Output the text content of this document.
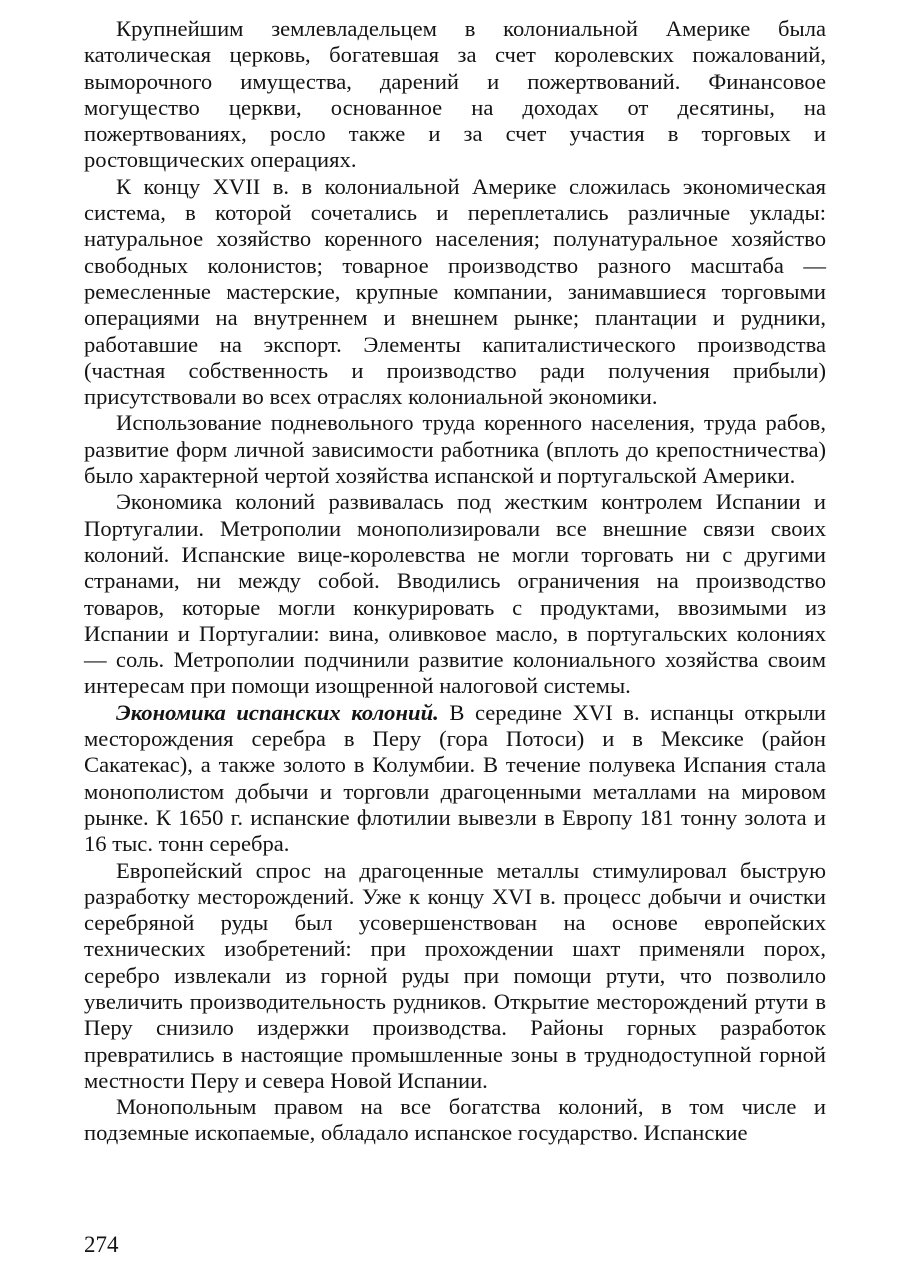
Крупнейшим землевладельцем в колониальной Америке была католическая церковь, богатевшая за счет королевских пожалований, выморочного имущества, дарений и пожертвований. Финансовое могущество церкви, основанное на доходах от десятины, на пожертвованиях, росло также и за счет участия в торговых и ростовщических операциях.

К концу XVII в. в колониальной Америке сложилась экономическая система, в которой сочетались и переплетались различные уклады: натуральное хозяйство коренного населения; полунатуральное хозяйство свободных колонистов; товарное производство разного масштаба — ремесленные мастерские, крупные компании, занимавшиеся торговыми операциями на внутреннем и внешнем рынке; плантации и рудники, работавшие на экспорт. Элементы капиталистического производства (частная собственность и производство ради получения прибыли) присутствовали во всех отраслях колониальной экономики.

Использование подневольного труда коренного населения, труда рабов, развитие форм личной зависимости работника (вплоть до крепостничества) было характерной чертой хозяйства испанской и португальской Америки.

Экономика колоний развивалась под жестким контролем Испании и Португалии. Метрополии монополизировали все внешние связи своих колоний. Испанские вице-королевства не могли торговать ни с другими странами, ни между собой. Вводились ограничения на производство товаров, которые могли конкурировать с продуктами, ввозимыми из Испании и Португалии: вина, оливковое масло, в португальских колониях — соль. Метрополии подчинили развитие колониального хозяйства своим интересам при помощи изощренной налоговой системы.

Экономика испанских колоний. В середине XVI в. испанцы открыли месторождения серебра в Перу (гора Потоси) и в Мексике (район Сакатекас), а также золото в Колумбии. В течение полувека Испания стала монополистом добычи и торговли драгоценными металлами на мировом рынке. К 1650 г. испанские флотилии вывезли в Европу 181 тонну золота и 16 тыс. тонн серебра.

Европейский спрос на драгоценные металлы стимулировал быструю разработку месторождений. Уже к концу XVI в. процесс добычи и очистки серебряной руды был усовершенствован на основе европейских технических изобретений: при прохождении шахт применяли порох, серебро извлекали из горной руды при помощи ртути, что позволило увеличить производительность рудников. Открытие месторождений ртути в Перу снизило издержки производства. Районы горных разработок превратились в настоящие промышленные зоны в труднодоступной горной местности Перу и севера Новой Испании.

Монопольным правом на все богатства колоний, в том числе и подземные ископаемые, обладало испанское государство. Испанские

274
